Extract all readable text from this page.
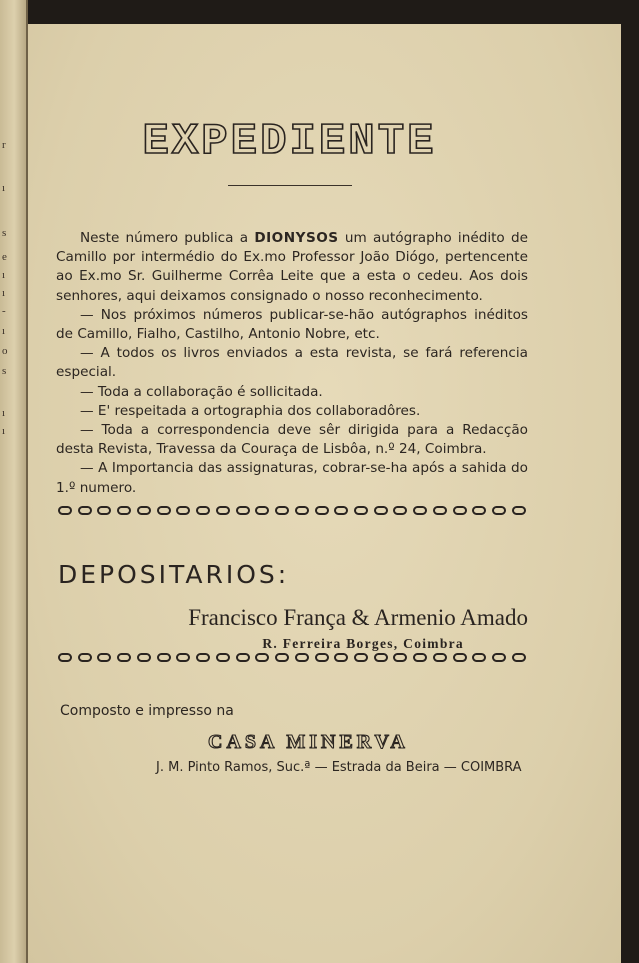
r
ı
s
e
ı
ı
-
ı
o
s
ı
ı
EXPEDIENTE

Neste número publica a DIONYSOS um autógrapho inédito de Camillo por intermédio do Ex.mo Professor João Diógo, pertencente ao Ex.mo Sr. Guilherme Corrêa Leite que a esta o cedeu. Aos dois senhores, aqui deixamos consignado o nosso reconhecimento.

— Nos próximos números publicar-se-hão autógraphos inéditos de Camillo, Fialho, Castilho, Antonio Nobre, etc.

— A todos os livros enviados a esta revista, se fará referencia especial.

— Toda a collaboração é sollicitada.

— E' respeitada a ortographia dos collaboradôres.

— Toda a correspondencia deve sêr dirigida para a Redacção desta Revista, Travessa da Couraça de Lisbôa, n.º 24, Coimbra.

— A Importancia das assignaturas, cobrar-se-ha após a sahida do 1.º numero.

DEPOSITARIOS:
Francisco França & Armenio Amado
R. Ferreira Borges, Coimbra
Composto e impresso na
CASA MINERVA
J. M. Pinto Ramos, Suc.ª — Estrada da Beira — COIMBRA
